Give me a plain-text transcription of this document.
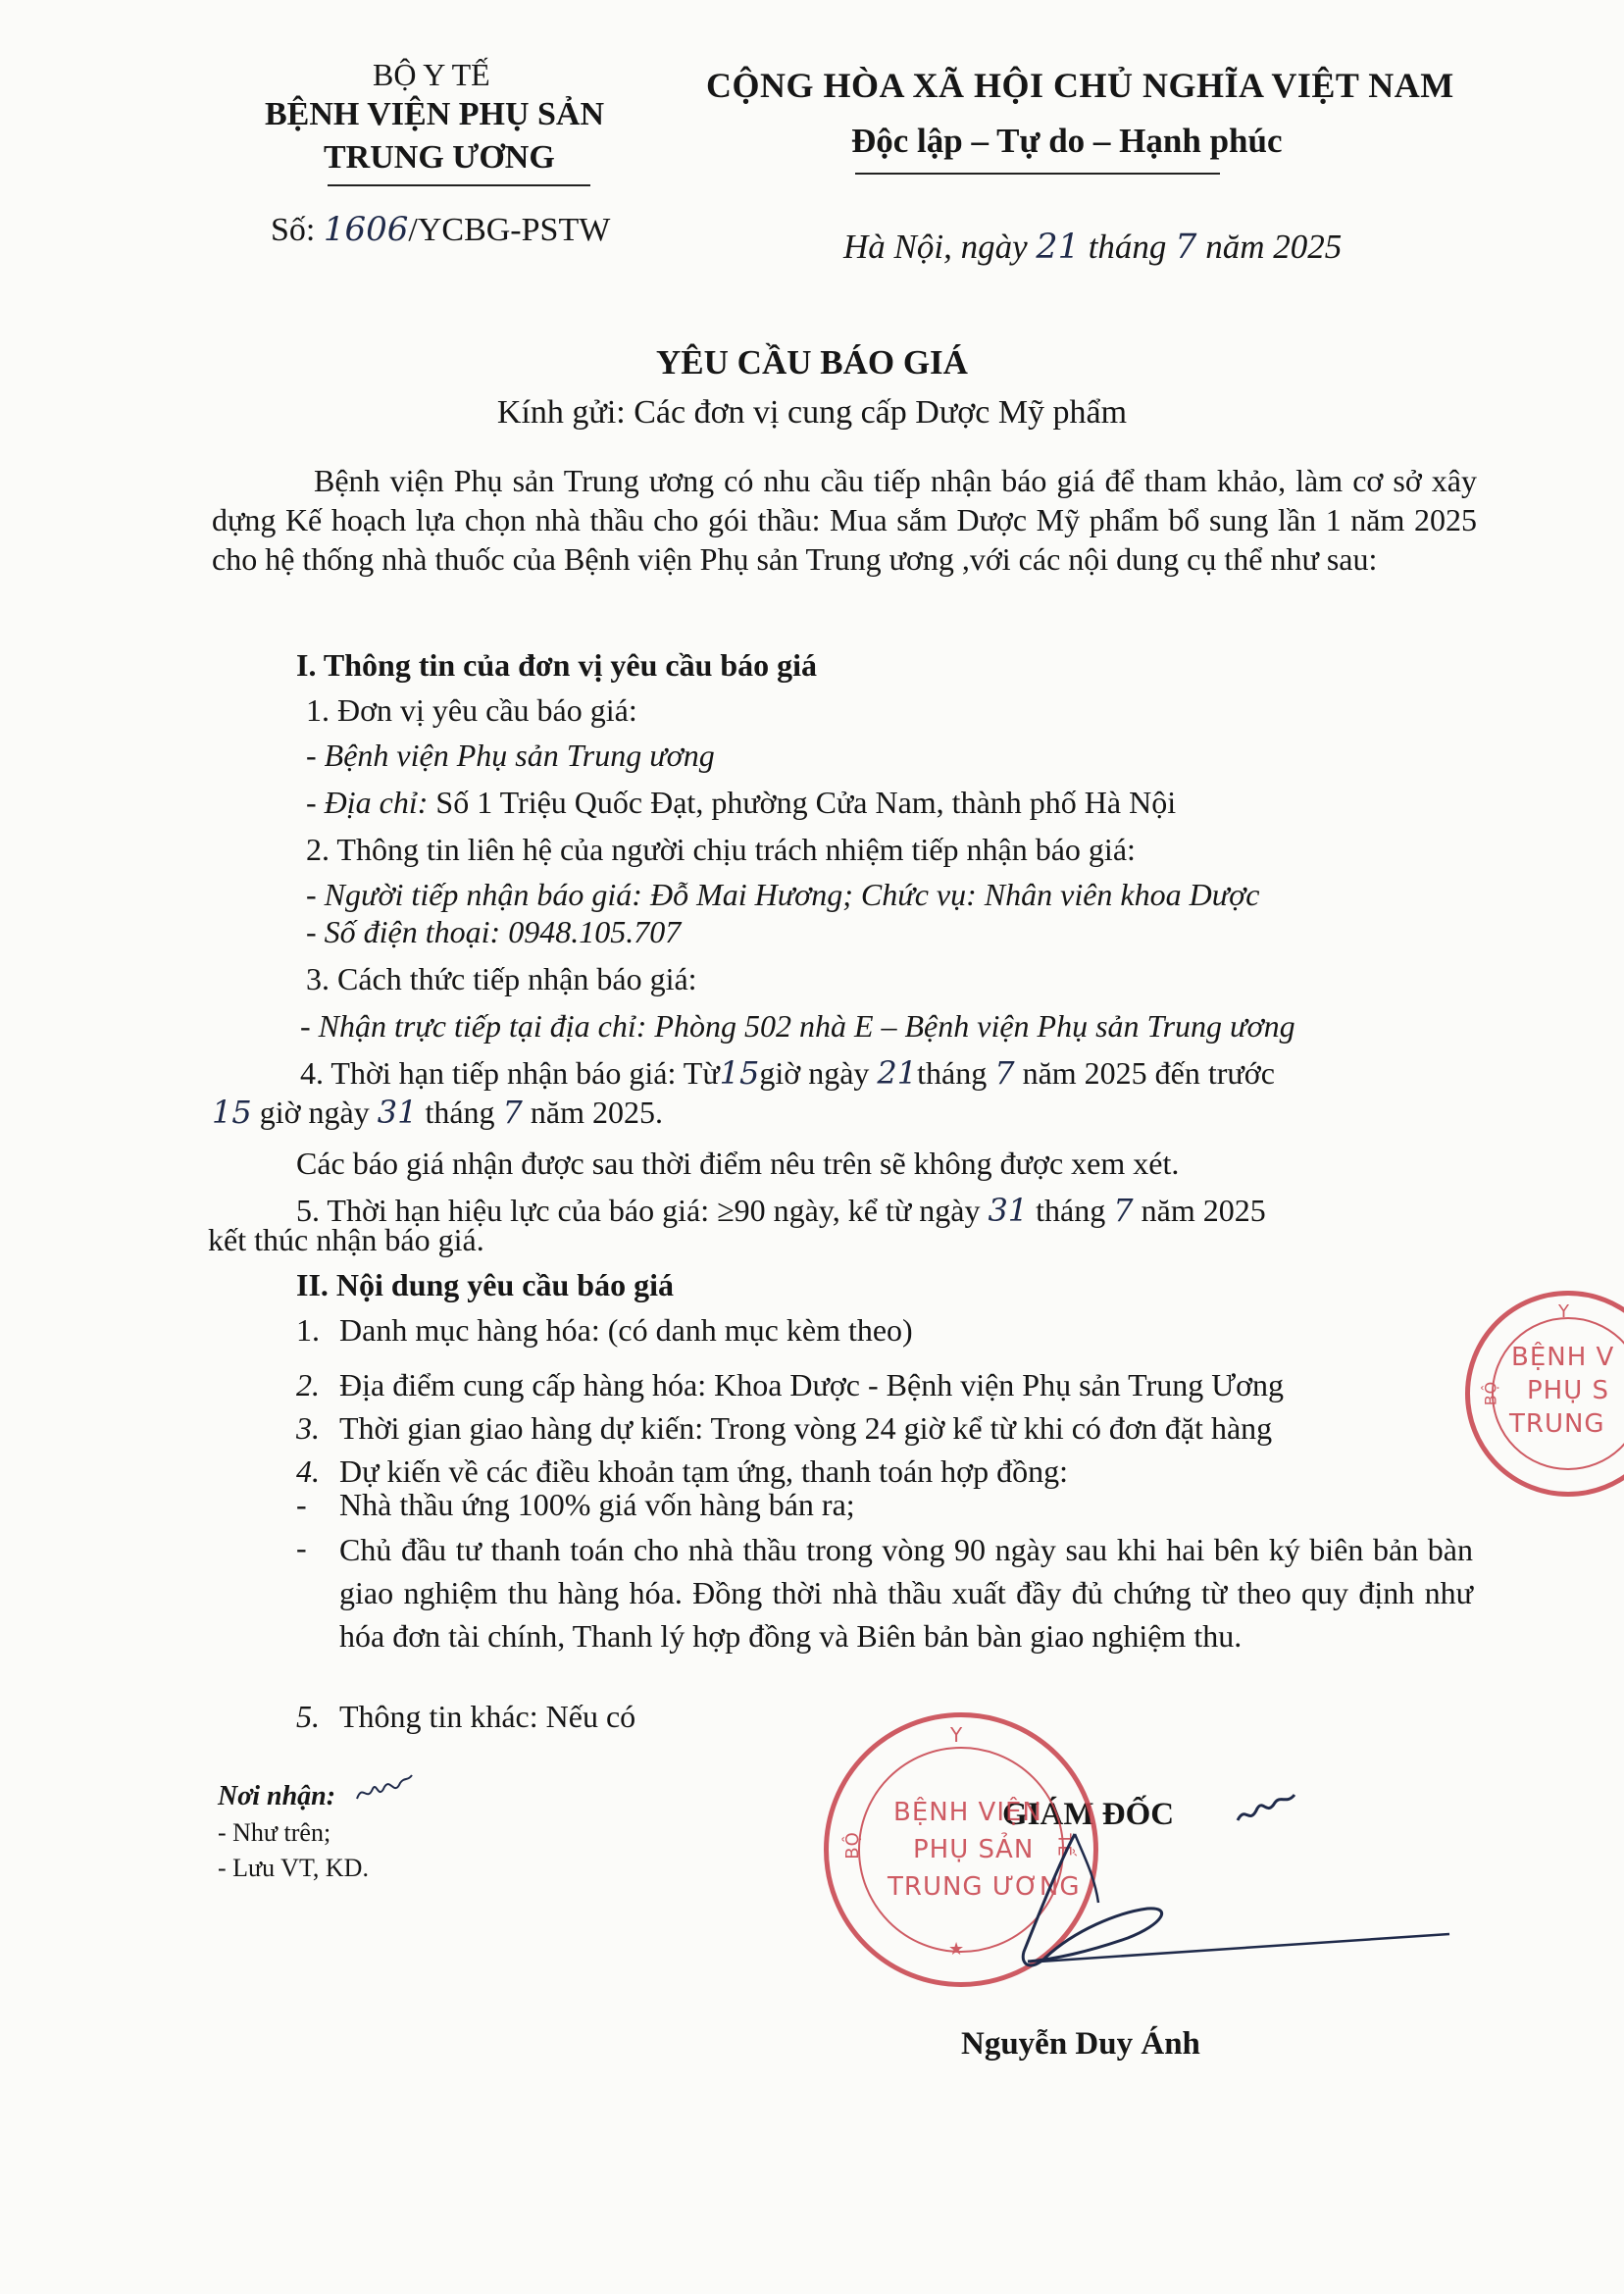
BỘ Y TẾ
BỆNH VIỆN PHỤ SẢN
TRUNG ƯƠNG
Số: 1606/YCBG-PSTW
CỘNG HÒA XÃ HỘI CHỦ NGHĨA VIỆT NAM
Độc lập – Tự do – Hạnh phúc
Hà Nội, ngày 21 tháng 7 năm 2025
YÊU CẦU BÁO GIÁ
Kính gửi: Các đơn vị cung cấp Dược Mỹ phẩm
Bệnh viện Phụ sản Trung ương có nhu cầu tiếp nhận báo giá để tham khảo, làm cơ sở xây dựng Kế hoạch lựa chọn nhà thầu cho gói thầu: Mua sắm Dược Mỹ phẩm bổ sung lần 1 năm 2025 cho hệ thống nhà thuốc của Bệnh viện Phụ sản Trung ương ,với các nội dung cụ thể như sau:
I. Thông tin của đơn vị yêu cầu báo giá
1. Đơn vị yêu cầu báo giá:
- Bệnh viện Phụ sản Trung ương
- Địa chỉ: Số 1 Triệu Quốc Đạt, phường Cửa Nam, thành phố Hà Nội
2. Thông tin liên hệ của người chịu trách nhiệm tiếp nhận báo giá:
- Người tiếp nhận báo giá: Đỗ Mai Hương; Chức vụ: Nhân viên khoa Dược
- Số điện thoại: 0948.105.707
3. Cách thức tiếp nhận báo giá:
- Nhận trực tiếp tại địa chỉ: Phòng 502 nhà E – Bệnh viện Phụ sản Trung ương
4. Thời hạn tiếp nhận báo giá: Từ15giờ ngày 21tháng 7 năm 2025 đến trước
15 giờ ngày 31 tháng 7 năm 2025.
Các báo giá nhận được sau thời điểm nêu trên sẽ không được xem xét.
5. Thời hạn hiệu lực của báo giá: ≥90 ngày, kể từ ngày 31 tháng 7 năm 2025
kết thúc nhận báo giá.
II. Nội dung yêu cầu báo giá
1. Danh mục hàng hóa: (có danh mục kèm theo)
2. Địa điểm cung cấp hàng hóa: Khoa Dược - Bệnh viện Phụ sản Trung Ương
3. Thời gian giao hàng dự kiến: Trong vòng 24 giờ kể từ khi có đơn đặt hàng
4. Dự kiến về các điều khoản tạm ứng, thanh toán hợp đồng:
- Nhà thầu ứng 100% giá vốn hàng bán ra;
- Chủ đầu tư thanh toán cho nhà thầu trong vòng 90 ngày sau khi hai bên ký biên bản bàn giao nghiệm thu hàng hóa. Đồng thời nhà thầu xuất đầy đủ chứng từ theo quy định như hóa đơn tài chính, Thanh lý hợp đồng và Biên bản bàn giao nghiệm thu.
5. Thông tin khác: Nếu có
Nơi nhận:
- Như trên;
- Lưu VT, KD.
Y
BỆNH V
PHỤ S
TRUNG
BỘ
GIÁM ĐỐC
Y
BỆNH VIỆN
PHỤ SẢN
TRUNG ƯƠNG
BỘ	TẾ
★
Nguyễn Duy Ánh
